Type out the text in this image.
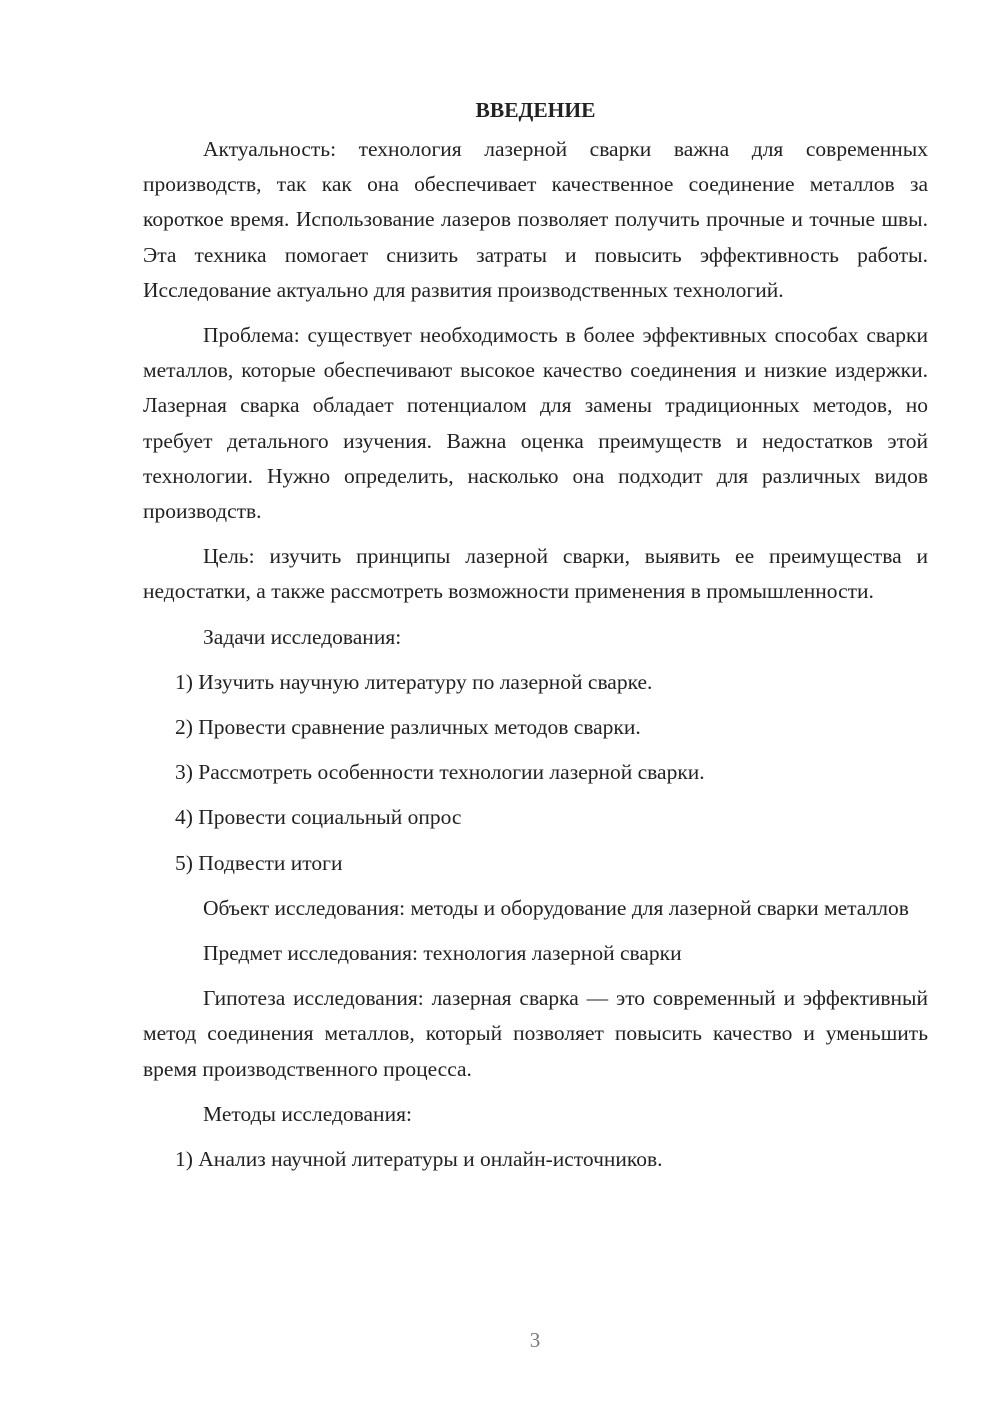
ВВЕДЕНИЕ

Актуальность: технология лазерной сварки важна для современных производств, так как она обеспечивает качественное соединение металлов за короткое время. Использование лазеров позволяет получить прочные и точные швы. Эта техника помогает снизить затраты и повысить эффективность работы. Исследование актуально для развития производственных технологий.

Проблема: существует необходимость в более эффективных способах сварки металлов, которые обеспечивают высокое качество соединения и низкие издержки. Лазерная сварка обладает потенциалом для замены традиционных методов, но требует детального изучения. Важна оценка преимуществ и недостатков этой технологии. Нужно определить, насколько она подходит для различных видов производств.

Цель: изучить принципы лазерной сварки, выявить ее преимущества и недостатки, а также рассмотреть возможности применения в промышленности.

Задачи исследования:

1) Изучить научную литературу по лазерной сварке.
2) Провести сравнение различных методов сварки.
3) Рассмотреть особенности технологии лазерной сварки.
4) Провести социальный опрос
5) Подвести итоги

Объект исследования: методы и оборудование для лазерной сварки металлов

Предмет исследования: технология лазерной сварки

Гипотеза исследования: лазерная сварка — это современный и эффективный метод соединения металлов, который позволяет повысить качество и уменьшить время производственного процесса.

Методы исследования:

1) Анализ научной литературы и онлайн-источников.
3
